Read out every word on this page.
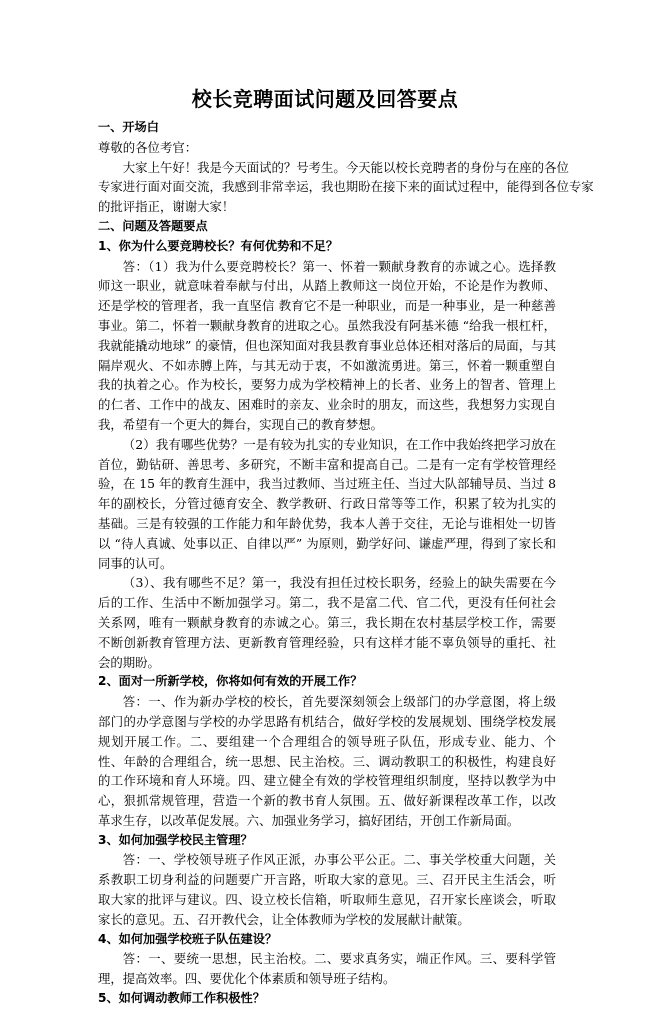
校长竞聘面试问题及回答要点
一、开场白
尊敬的各位考官：
大家上午好！我是今天面试的？号考生。今天能以校长竞聘者的身份与在座的各位
专家进行面对面交流，我感到非常幸运，我也期盼在接下来的面试过程中，能得到各位专家
的批评指正，谢谢大家！
二、问题及答题要点
1、你为什么要竞聘校长？有何优势和不足？

答：（1）我为什么要竞聘校长？第一、怀着一颗献身教育的赤诚之心。选择教师这一职业，就意味着奉献与付出，从踏上教师这一岗位开始，不论是作为教师、还是学校的管理者，我一直坚信 教育它不是一种职业，而是一种事业，是一种慈善事业。第二，怀着一颗献身教育的进取之心。虽然我没有阿基米德 “给我一根杠杆，我就能撬动地球” 的豪情，但也深知面对我县教育事业总体还相对落后的局面，与其隔岸观火、不如赤膊上阵，与其无动于衷，不如激流勇进。第三，怀着一颗重塑自我的执着之心。作为校长，要努力成为学校精神上的长者、业务上的智者、管理上的仁者、工作中的战友、困难时的亲友、业余时的朋友，而这些，我想努力实现自我，希望有一个更大的舞台，实现自己的教育梦想。

（2）我有哪些优势？一是有较为扎实的专业知识，在工作中我始终把学习放在首位，勤钻研、善思考、多研究，不断丰富和提高自己。二是有一定有学校管理经验，在 15 年的教育生涯中，我当过教师、当过班主任、当过大队部辅导员、当过 8 年的副校长，分管过德育安全、教学教研、行政日常等等工作，积累了较为扎实的基础。三是有较强的工作能力和年龄优势，我本人善于交往，无论与谁相处一切皆以 “待人真诚、处事以正、自律以严” 为原则，勤学好问、谦虚严理，得到了家长和同事的认可。

（3）、我有哪些不足？第一，我没有担任过校长职务，经验上的缺失需要在今后的工作、生活中不断加强学习。第二，我不是富二代、官二代，更没有任何社会关系网，唯有一颗献身教育的赤诚之心。第三，我长期在农村基层学校工作，需要不断创新教育管理方法、更新教育管理经验，只有这样才能不辜负领导的重托、社会的期盼。

2、面对一所新学校，你将如何有效的开展工作？

答：一、作为新办学校的校长，首先要深刻领会上级部门的办学意图，将上级部门的办学意图与学校的办学思路有机结合，做好学校的发展规划、围绕学校发展规划开展工作。二、要组建一个合理组合的领导班子队伍，形成专业、能力、个性、年龄的合理组合，统一思想、民主治校。三、调动教职工的积极性，构建良好的工作环境和育人环境。四、建立健全有效的学校管理组织制度，坚持以教学为中心，狠抓常规管理，营造一个新的教书育人氛围。五、做好新课程改革工作，以改革求生存，以改革促发展。六、加强业务学习，搞好团结，开创工作新局面。

3、如何加强学校民主管理？

答：一、学校领导班子作风正派，办事公平公正。二、事关学校重大问题，关系教职工切身利益的问题要广开言路，听取大家的意见。三、召开民主生活会，听取大家的批评与建议。四、设立校长信箱，听取师生意见，召开家长座谈会，听取家长的意见。五、召开教代会，让全体教师为学校的发展献计献策。

4、如何加强学校班子队伍建设？

答：一、要统一思想，民主治校。二、要求真务实，端正作风。三、要科学管理，提高效率。四、要优化个体素质和领导班子结构。

5、如何调动教师工作积极性？
